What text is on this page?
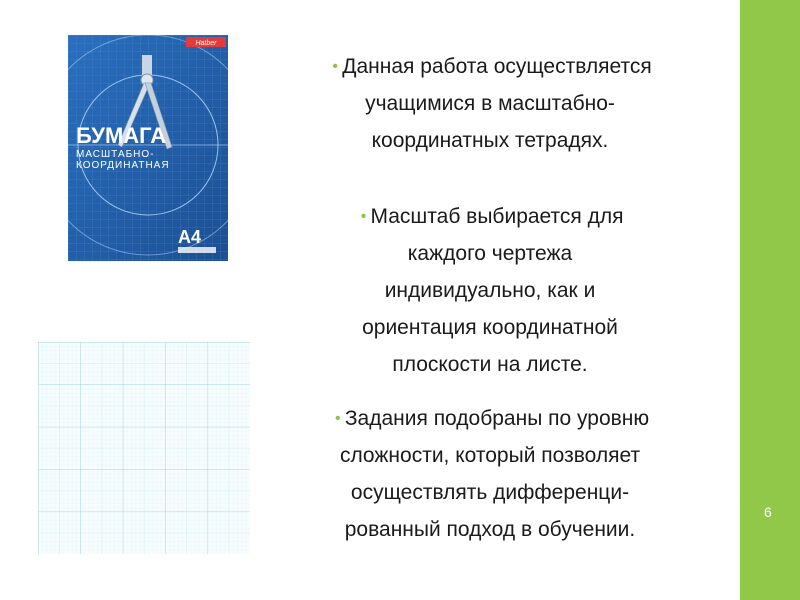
6
Hatber
БУМАГА
МАСШТАБНО-
КООРДИНАТНАЯ
А4
• Данная работа осуществляется
учащимися в масштабно-
координатных тетрадях.
• Масштаб выбирается для
каждого чертежа
индивидуально, как и
ориентация координатной
плоскости на листе.
• Задания подобраны по уровню
сложности, который позволяет
осуществлять дифференци-
рованный подход в обучении.
